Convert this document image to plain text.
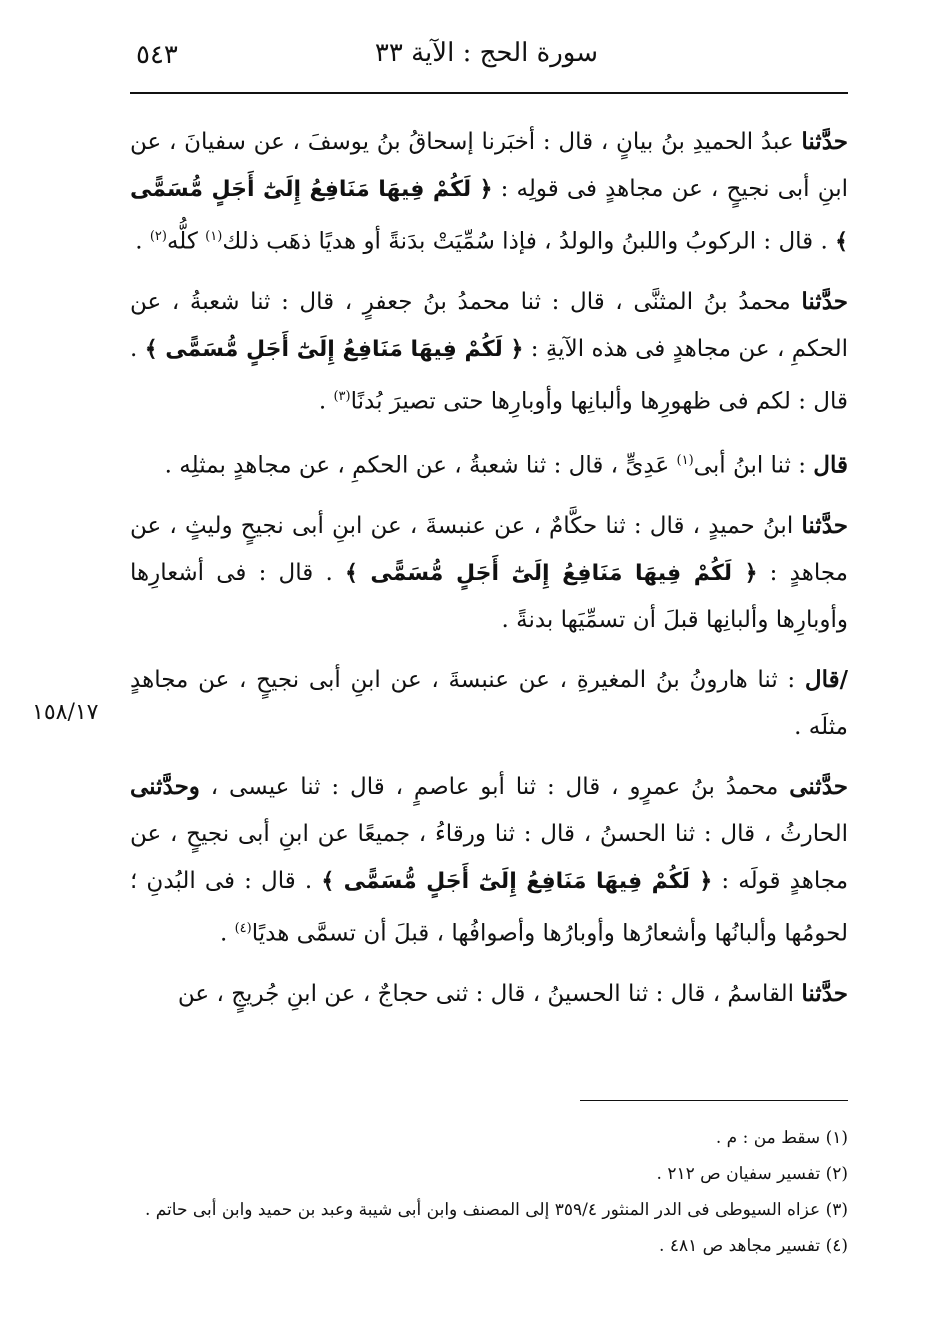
سورة الحج : الآية ٣٣
٥٤٣

حدَّثنا عبدُ الحميدِ بنُ بيانٍ ، قال : أخبَرنا إسحاقُ بنُ يوسفَ ، عن سفيانَ ، عن ابنِ أبى نجيحٍ ، عن مجاهدٍ فى قولِه : ﴿ لَكُمْ فِيهَا مَنَافِعُ إِلَىٰٓ أَجَلٍ مُّسَمًّى ﴾ . قال : الركوبُ واللبنُ والولدُ ، فإذا سُمِّيَتْ بدَنةً أو هديًا ذهَب ذلك$^{(١)}$ كلُّه$^{(٢)}$ .

حدَّثنا محمدُ بنُ المثنَّى ، قال : ثنا محمدُ بنُ جعفرٍ ، قال : ثنا شعبةُ ، عن الحكمِ ، عن مجاهدٍ فى هذه الآيةِ : ﴿ لَكُمْ فِيهَا مَنَافِعُ إِلَىٰٓ أَجَلٍ مُّسَمًّى ﴾ . قال : لكم فى ظهورِها وألبانِها وأوبارِها حتى تصيرَ بُدنًا$^{(٣)}$ .

قال : ثنا ابنُ أبى$^{(١)}$ عَدِىٍّ ، قال : ثنا شعبةُ ، عن الحكمِ ، عن مجاهدٍ بمثلِه .

حدَّثنا ابنُ حميدٍ ، قال : ثنا حكَّامٌ ، عن عنبسةَ ، عن ابنِ أبى نجيحٍ وليثٍ ، عن مجاهدٍ : ﴿ لَكُمْ فِيهَا مَنَافِعُ إِلَىٰٓ أَجَلٍ مُّسَمًّى ﴾ . قال : فى أشعارِها وأوبارِها وألبانِها قبلَ أن تسمِّيَها بدنةً .

/قال : ثنا هارونُ بنُ المغيرةِ ، عن عنبسةَ ، عن ابنِ أبى نجيحٍ ، عن مجاهدٍ مثلَه .

حدَّثنى محمدُ بنُ عمرٍو ، قال : ثنا أبو عاصمٍ ، قال : ثنا عيسى ، وحدَّثنى الحارثُ ، قال : ثنا الحسنُ ، قال : ثنا ورقاءُ ، جميعًا عن ابنِ أبى نجيحٍ ، عن مجاهدٍ قولَه : ﴿ لَكُمْ فِيهَا مَنَافِعُ إِلَىٰٓ أَجَلٍ مُّسَمًّى ﴾ . قال : فى البُدنِ ؛ لحومُها وألبانُها وأشعارُها وأوبارُها وأصوافُها ، قبلَ أن تسمَّى هديًا$^{(٤)}$ .

حدَّثنا القاسمُ ، قال : ثنا الحسينُ ، قال : ثنى حجاجٌ ، عن ابنِ جُريجٍ ، عن

١٥٨/١٧

(١) سقط من : م .

(٢) تفسير سفيان ص ٢١٢ .

(٣) عزاه السيوطى فى الدر المنثور ٣٥٩/٤ إلى المصنف وابن أبى شيبة وعبد بن حميد وابن أبى حاتم .

(٤) تفسير مجاهد ص ٤٨١ .
